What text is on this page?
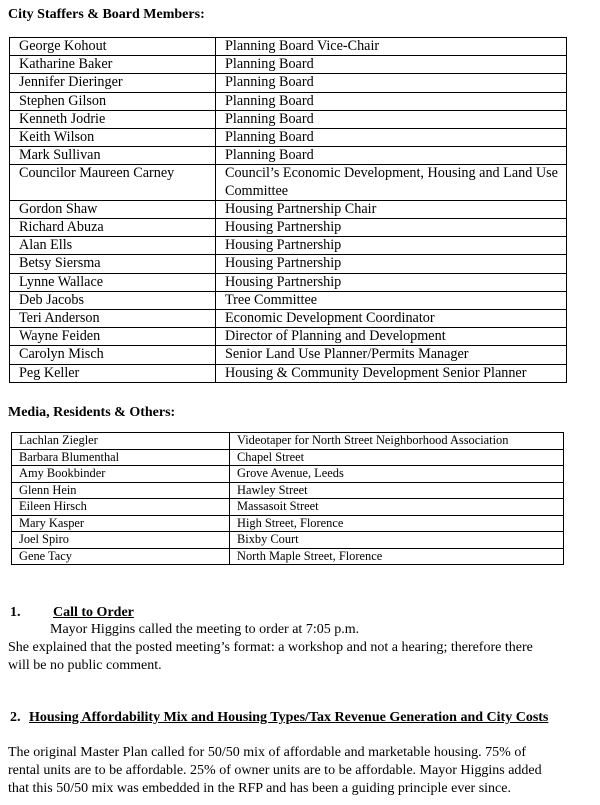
City Staffers & Board Members:
George Kohout	Planning Board Vice-Chair
Katharine Baker	Planning Board
Jennifer Dieringer	Planning Board
Stephen Gilson	Planning Board
Kenneth Jodrie	Planning Board
Keith Wilson	Planning Board
Mark Sullivan	Planning Board
Councilor Maureen Carney	Council’s Economic Development, Housing and Land Use Committee
Gordon Shaw	Housing Partnership Chair
Richard Abuza	Housing Partnership
Alan Ells	Housing Partnership
Betsy Siersma	Housing Partnership
Lynne Wallace	Housing Partnership
Deb Jacobs	Tree Committee
Teri Anderson	Economic Development Coordinator
Wayne Feiden	Director of Planning and Development
Carolyn Misch	Senior Land Use Planner/Permits Manager
Peg Keller	Housing & Community Development Senior Planner
Media, Residents & Others:
Lachlan Ziegler	Videotaper for North Street Neighborhood Association
Barbara Blumenthal	Chapel Street
Amy Bookbinder	Grove Avenue, Leeds
Glenn Hein	Hawley Street
Eileen Hirsch	Massasoit Street
Mary Kasper	High Street, Florence
Joel Spiro	Bixby Court
Gene Tacy	North Maple Street, Florence
1. Call to Order
Mayor Higgins called the meeting to order at 7:05 p.m.
She explained that the posted meeting’s format: a workshop and not a hearing; therefore there
will be no public comment.
2. Housing Affordability Mix and Housing Types/Tax Revenue Generation and City Costs
The original Master Plan called for 50/50 mix of affordable and marketable housing. 75% of
rental units are to be affordable. 25% of owner units are to be affordable. Mayor Higgins added
that this 50/50 mix was embedded in the RFP and has been a guiding principle ever since.
